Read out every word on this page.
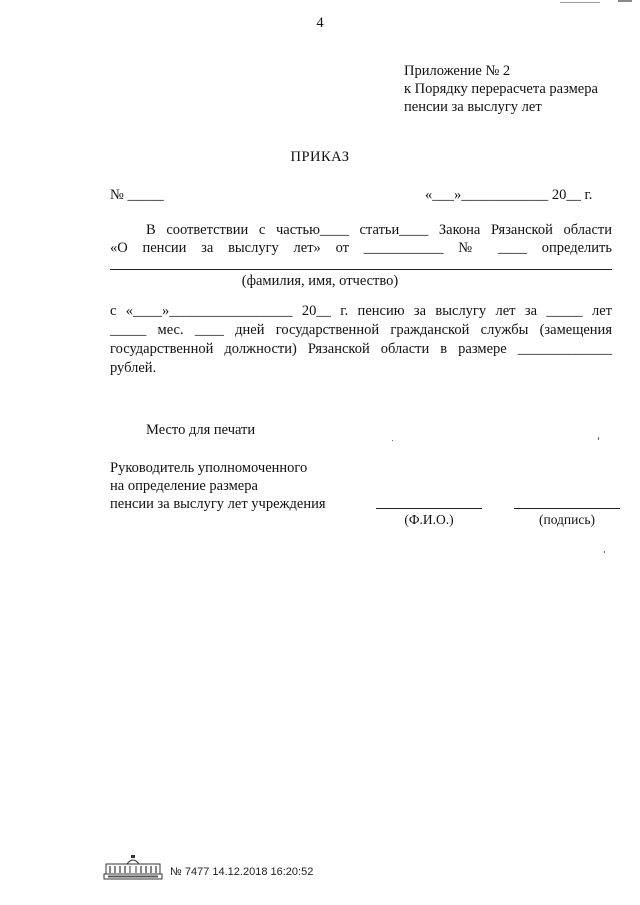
4
Приложение № 2
к Порядку перерасчета размера
пенсии за выслугу лет
ПРИКАЗ
№ _____	«___»____________ 20__ г.
В соответствии с частью____ статьи____ Закона Рязанской области
«О пенсии за выслугу лет» от ___________ № ____ определить
(фамилия, имя, отчество)
с «____»_________________ 20__ г. пенсию за выслугу лет за _____ лет
_____ мес. ____ дней государственной гражданской службы (замещения
государственной должности) Рязанской области в размере _____________
рублей.
Место для печати
Руководитель уполномоченного
на определение размера
пенсии за выслугу лет учреждения
(Ф.И.О.)	(подпись)
№ 7477 14.12.2018 16:20:52
